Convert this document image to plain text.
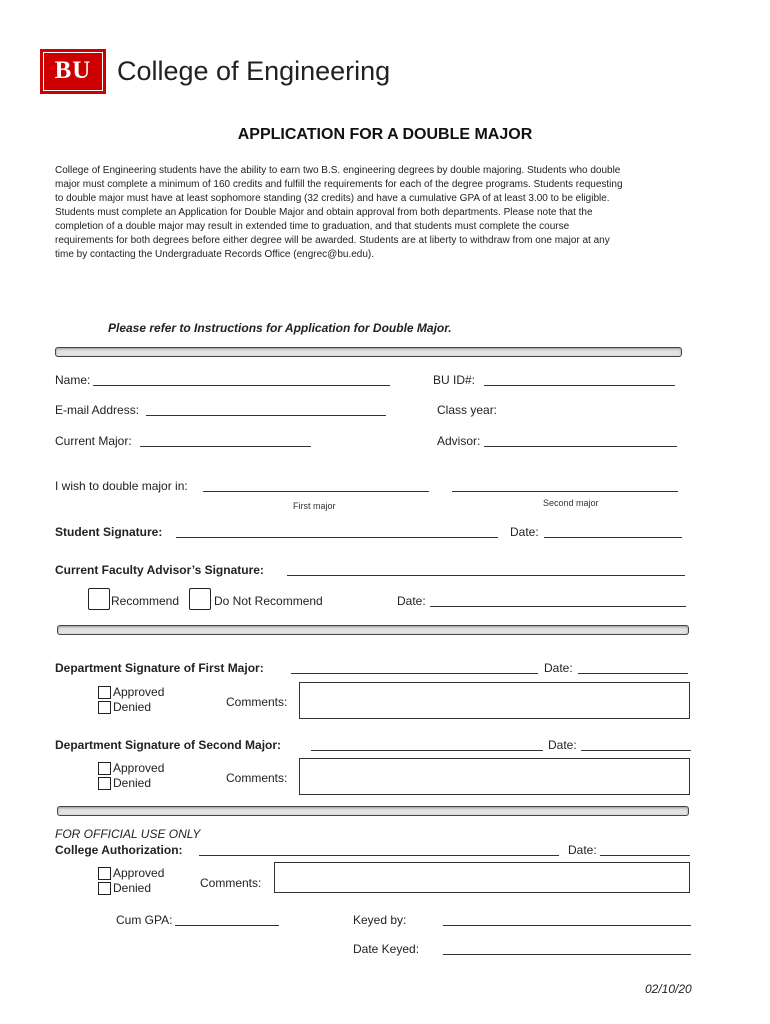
BU College of Engineering
APPLICATION FOR A DOUBLE MAJOR
College of Engineering students have the ability to earn two B.S. engineering degrees by double majoring. Students who double
major must complete a minimum of 160 credits and fulfill the requirements for each of the degree programs. Students requesting
to double major must have at least sophomore standing (32 credits) and have a cumulative GPA of at least 3.00 to be eligible.
Students must complete an Application for Double Major and obtain approval from both departments. Please note that the
completion of a double major may result in extended time to graduation, and that students must complete the course
requirements for both degrees before either degree will be awarded. Students are at liberty to withdraw from one major at any
time by contacting the Undergraduate Records Office (engrec@bu.edu).
Please refer to Instructions for Application for Double Major.
Name:	BU ID#:
E-mail Address:	Class year:
Current Major:	Advisor:
I wish to double major in:
First major	Second major
Student Signature:	Date:
Current Faculty Advisor’s Signature:
Recommend	Do Not Recommend	Date:
Department Signature of First Major:	Date:
Approved
Denied	Comments:
Department Signature of Second Major:	Date:
Approved
Denied	Comments:
FOR OFFICIAL USE ONLY
College Authorization:	Date:
Approved
Denied	Comments:
Cum GPA:	Keyed by:
Date Keyed:
02/10/20
